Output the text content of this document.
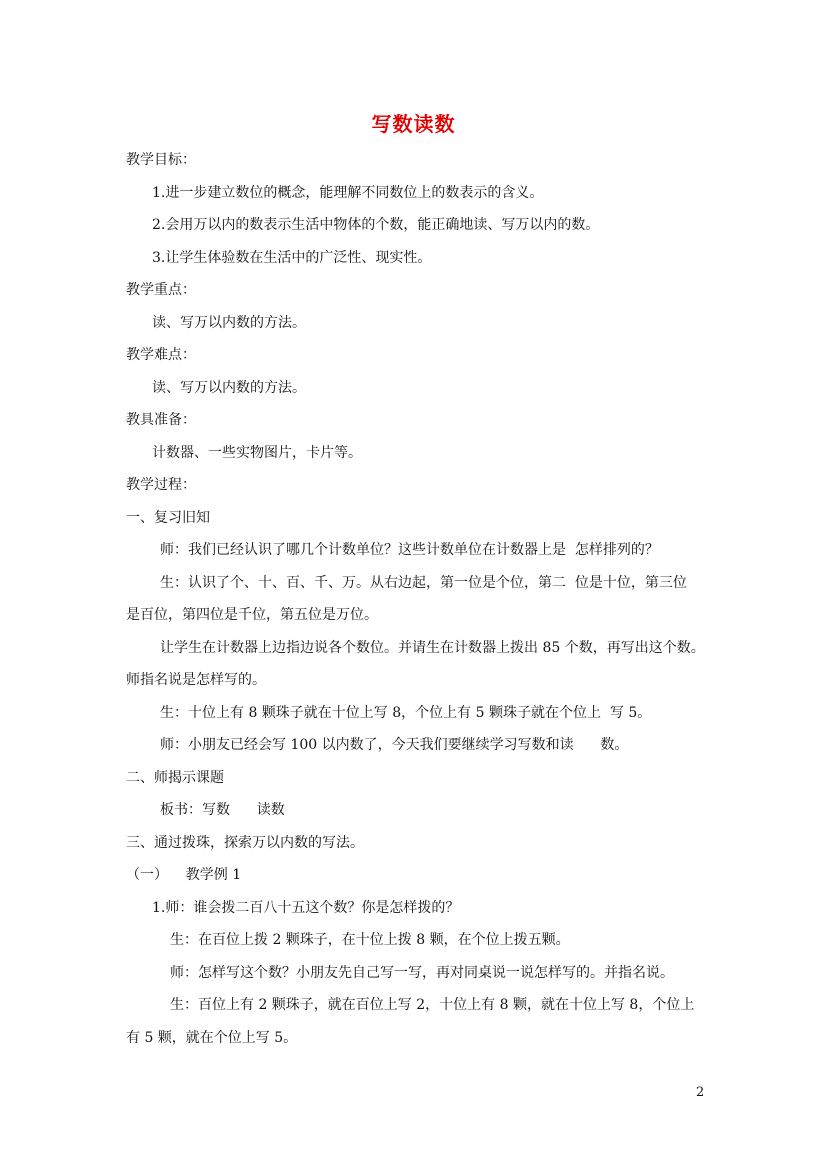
写数读数
教学目标：
1.进一步建立数位的概念，能理解不同数位上的数表示的含义。
2.会用万以内的数表示生活中物体的个数，能正确地读、写万以内的数。
3.让学生体验数在生活中的广泛性、现实性。
教学重点：
读、写万以内数的方法。
教学难点：
读、写万以内数的方法。
教具准备：
计数器、一些实物图片，卡片等。
教学过程：
一、复习旧知
师：我们已经认识了哪几个计数单位？这些计数单位在计数器上是  怎样排列的？
生：认识了个、十、百、千、万。从右边起，第一位是个位，第二  位是十位，第三位
是百位，第四位是千位，第五位是万位。
让学生在计数器上边指边说各个数位。并请生在计数器上拨出 85 个数，再写出这个数。
师指名说是怎样写的。
生：十位上有 8 颗珠子就在十位上写 8，个位上有 5 颗珠子就在个位上  写 5。
师：小朋友已经会写 100 以内数了，今天我们要继续学习写数和读      数。
二、师揭示课题
板书：写数      读数
三、通过拨珠，探索万以内数的写法。
（一）    教学例 1
1.师：谁会拨二百八十五这个数？你是怎样拨的？
生：在百位上拨 2 颗珠子，在十位上拨 8 颗，在个位上拨五颗。
师：怎样写这个数？小朋友先自己写一写，再对同桌说一说怎样写的。并指名说。
生：百位上有 2 颗珠子，就在百位上写 2，十位上有 8 颗，就在十位上写 8，个位上
有 5 颗，就在个位上写 5。
2
